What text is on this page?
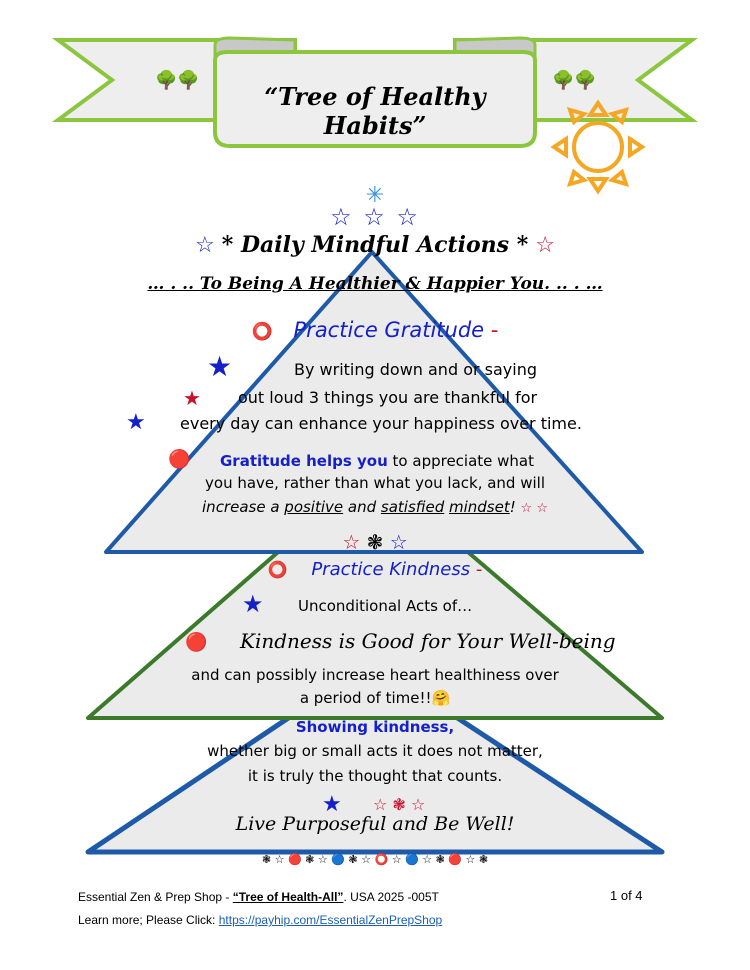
🌳🌳	🌳🌳
“Tree of Healthy Habits”
✳
☆ ☆ ☆
☆ * Daily Mindful Actions * ☆
… . .. To Being A Healthier & Happier You. .. . …
⭕ Practice Gratitude -
★	By writing down and or saying
★ out loud 3 things you are thankful for
★ every day can enhance your happiness over time.
🔴 Gratitude helps you to appreciate what
you have, rather than what you lack, and will
increase a positive and satisfied mindset! ☆ ☆
☆ ❃ ☆
⭕ Practice Kindness -
★ Unconditional Acts of…
🔴 Kindness is Good for Your Well-being
and can possibly increase heart healthiness over
a period of time!!🤗
Showing kindness,
whether big or small acts it does not matter,
it is truly the thought that counts.
★ ☆ ❃ ☆
Live Purposeful and Be Well!
❃ ☆ 🔴 ❃ ☆ 🔵 ❃ ☆ ⭕ ☆ 🔵 ☆ ❃ 🔴 ☆ ❃
Essential Zen & Prep Shop - “Tree of Health-All”. USA 2025 -005T	1 of 4
Learn more; Please Click: https://payhip.com/EssentialZenPrepShop
